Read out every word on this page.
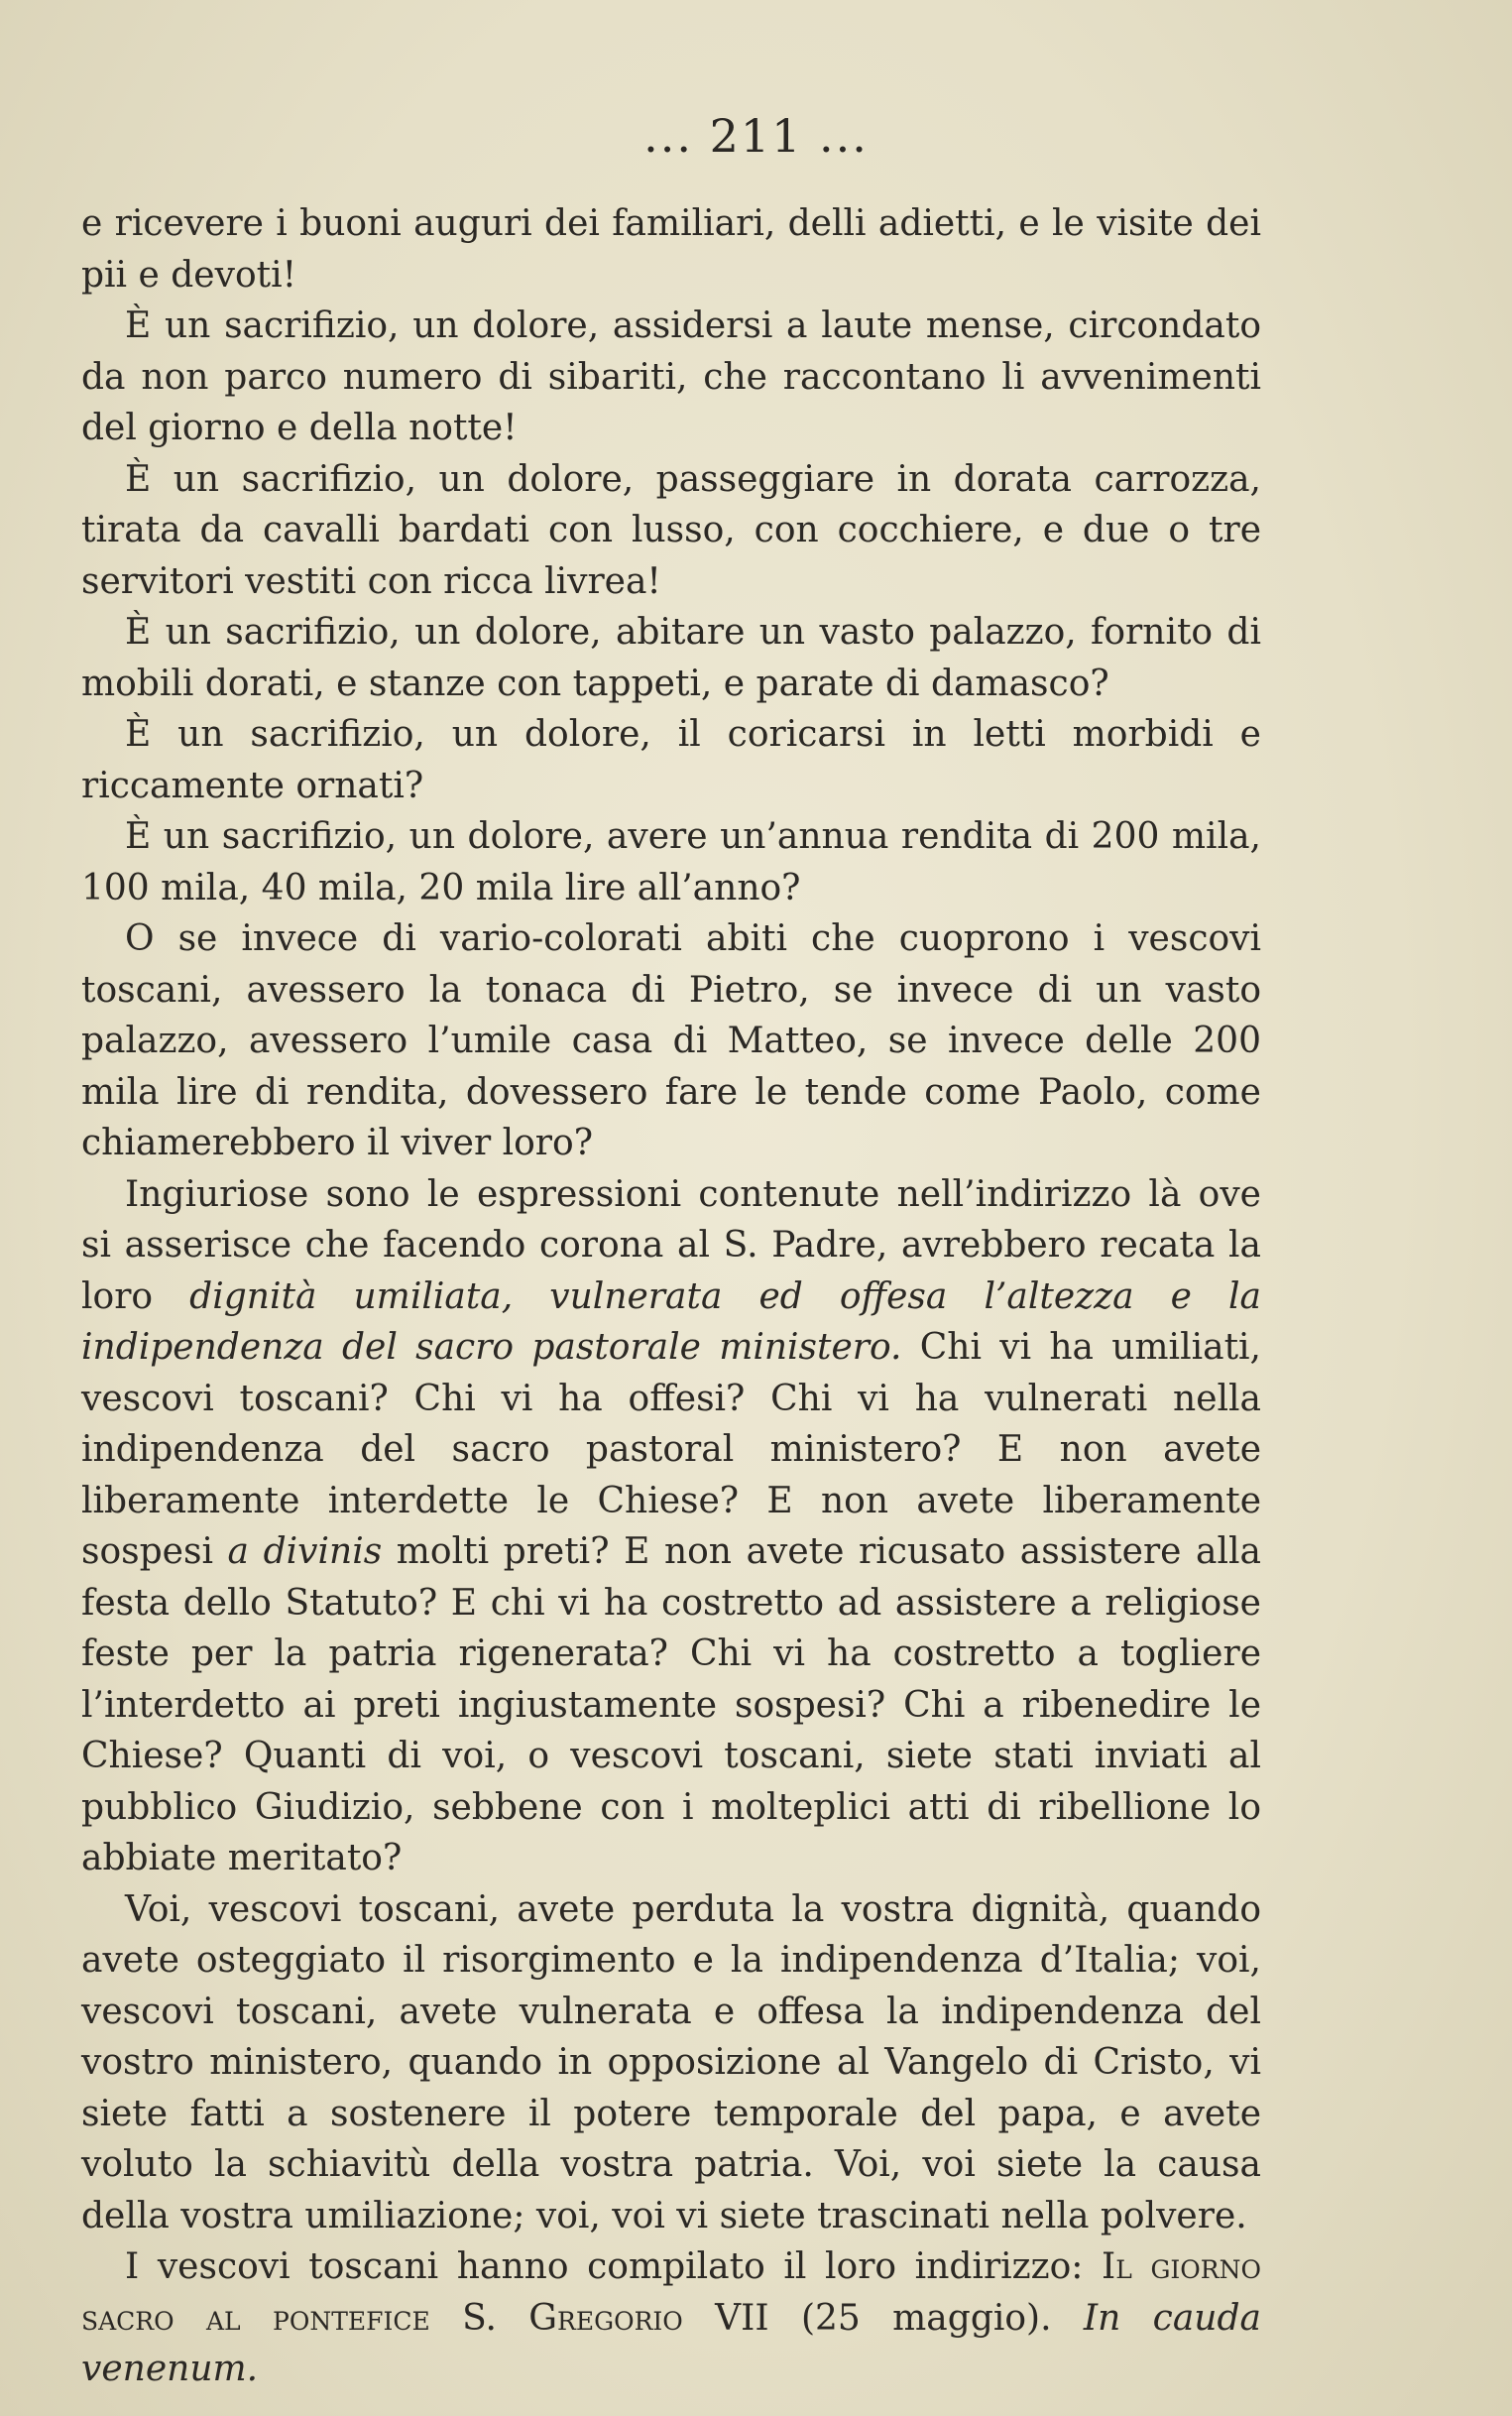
... 211 ...

e ricevere i buoni auguri dei familiari, delli adietti, e le visite dei pii e devoti!

È un sacrifizio, un dolore, assidersi a laute mense, circondato da non parco numero di sibariti, che raccontano li avvenimenti del giorno e della notte!

È un sacrifizio, un dolore, passeggiare in dorata carrozza, tirata da cavalli bardati con lusso, con cocchiere, e due o tre servitori vestiti con ricca livrea!

È un sacrifizio, un dolore, abitare un vasto palazzo, fornito di mobili dorati, e stanze con tappeti, e parate di damasco?

È un sacrifizio, un dolore, il coricarsi in letti morbidi e riccamente ornati?

È un sacrifizio, un dolore, avere un’annua rendita di 200 mila, 100 mila, 40 mila, 20 mila lire all’anno?

O se invece di vario-colorati abiti che cuoprono i vescovi toscani, avessero la tonaca di Pietro, se invece di un vasto palazzo, avessero l’umile casa di Matteo, se invece delle 200 mila lire di rendita, dovessero fare le tende come Paolo, come chiamerebbero il viver loro?

Ingiuriose sono le espressioni contenute nell’indirizzo là ove si asserisce che facendo corona al S. Padre, avrebbero recata la loro dignità umiliata, vulnerata ed offesa l’altezza e la indipendenza del sacro pastorale ministero. Chi vi ha umiliati, vescovi toscani? Chi vi ha offesi? Chi vi ha vulnerati nella indipendenza del sacro pastoral ministero? E non avete liberamente interdette le Chiese? E non avete liberamente sospesi a divinis molti preti? E non avete ricusato assistere alla festa dello Statuto? E chi vi ha costretto ad assistere a religiose feste per la patria rigenerata? Chi vi ha costretto a togliere l’interdetto ai preti ingiustamente sospesi? Chi a ribenedire le Chiese? Quanti di voi, o vescovi toscani, siete stati inviati al pubblico Giudizio, sebbene con i molteplici atti di ribellione lo abbiate meritato?

Voi, vescovi toscani, avete perduta la vostra dignità, quando avete osteggiato il risorgimento e la indipendenza d’Italia; voi, vescovi toscani, avete vulnerata e offesa la indipendenza del vostro ministero, quando in opposizione al Vangelo di Cristo, vi siete fatti a sostenere il potere temporale del papa, e avete voluto la schiavitù della vostra patria. Voi, voi siete la causa della vostra umiliazione; voi, voi vi siete trascinati nella polvere.

I vescovi toscani hanno compilato il loro indirizzo: Il giorno sacro al pontefice S. Gregorio VII (25 maggio). In cauda venenum.
